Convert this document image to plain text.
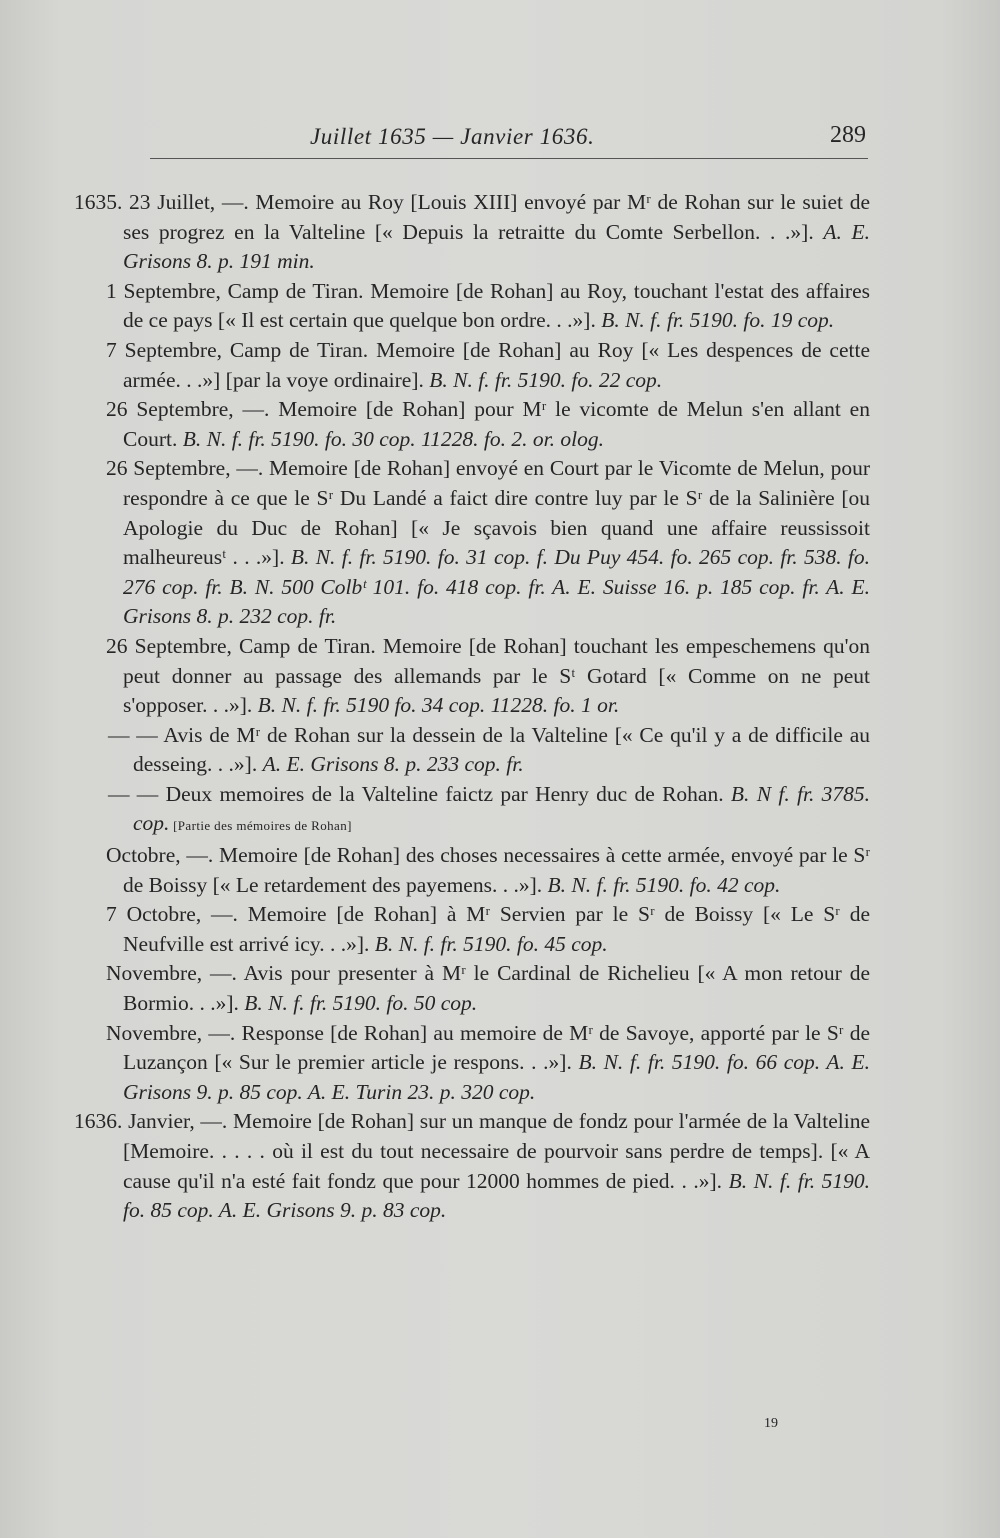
Juillet 1635 — Janvier 1636.	289

1635. 23 Juillet, —. Memoire au Roy [Louis XIII] envoyé par Mʳ de Rohan sur le suiet de ses progrez en la Valteline [« Depuis la retraitte du Comte Serbellon. . .»]. A. E. Grisons 8. p. 191 min.

1 Septembre, Camp de Tiran. Memoire [de Rohan] au Roy, touchant l'estat des affaires de ce pays [« Il est certain que quelque bon ordre. . .»]. B. N. f. fr. 5190. fo. 19 cop.

7 Septembre, Camp de Tiran. Memoire [de Rohan] au Roy [« Les despences de cette armée. . .»] [par la voye ordinaire]. B. N. f. fr. 5190. fo. 22 cop.

26 Septembre, —. Memoire [de Rohan] pour Mʳ le vicomte de Melun s'en allant en Court. B. N. f. fr. 5190. fo. 30 cop. 11228. fo. 2. or. olog.

26 Septembre, —. Memoire [de Rohan] envoyé en Court par le Vicomte de Melun, pour respondre à ce que le Sʳ Du Landé a faict dire contre luy par le Sʳ de la Salinière [ou Apologie du Duc de Rohan] [« Je sçavois bien quand une affaire reussissoit malheureusᵗ . . .»]. B. N. f. fr. 5190. fo. 31 cop. f. Du Puy 454. fo. 265 cop. fr. 538. fo. 276 cop. fr. B. N. 500 Colbᵗ 101. fo. 418 cop. fr. A. E. Suisse 16. p. 185 cop. fr. A. E. Grisons 8. p. 232 cop. fr.

26 Septembre, Camp de Tiran. Memoire [de Rohan] touchant les empeschemens qu'on peut donner au passage des allemands par le Sᵗ Gotard [« Comme on ne peut s'opposer. . .»]. B. N. f. fr. 5190 fo. 34 cop. 11228. fo. 1 or.

— — Avis de Mʳ de Rohan sur la dessein de la Valteline [« Ce qu'il y a de difficile au desseing. . .»]. A. E. Grisons 8. p. 233 cop. fr.

— — Deux memoires de la Valteline faictz par Henry duc de Rohan. B. N f. fr. 3785. cop. [Partie des mémoires de Rohan]

Octobre, —. Memoire [de Rohan] des choses necessaires à cette armée, envoyé par le Sʳ de Boissy [« Le retardement des payemens. . .»]. B. N. f. fr. 5190. fo. 42 cop.

7 Octobre, —. Memoire [de Rohan] à Mʳ Servien par le Sʳ de Boissy [« Le Sʳ de Neufville est arrivé icy. . .»]. B. N. f. fr. 5190. fo. 45 cop.

Novembre, —. Avis pour presenter à Mʳ le Cardinal de Richelieu [« A mon retour de Bormio. . .»]. B. N. f. fr. 5190. fo. 50 cop.

Novembre, —. Response [de Rohan] au memoire de Mʳ de Savoye, apporté par le Sʳ de Luzançon [« Sur le premier article je respons. . .»]. B. N. f. fr. 5190. fo. 66 cop. A. E. Grisons 9. p. 85 cop. A. E. Turin 23. p. 320 cop.

1636. Janvier, —. Memoire [de Rohan] sur un manque de fondz pour l'armée de la Valteline [Memoire. . . . . où il est du tout necessaire de pourvoir sans perdre de temps]. [« A cause qu'il n'a esté fait fondz que pour 12000 hommes de pied. . .»]. B. N. f. fr. 5190. fo. 85 cop. A. E. Grisons 9. p. 83 cop.

19
